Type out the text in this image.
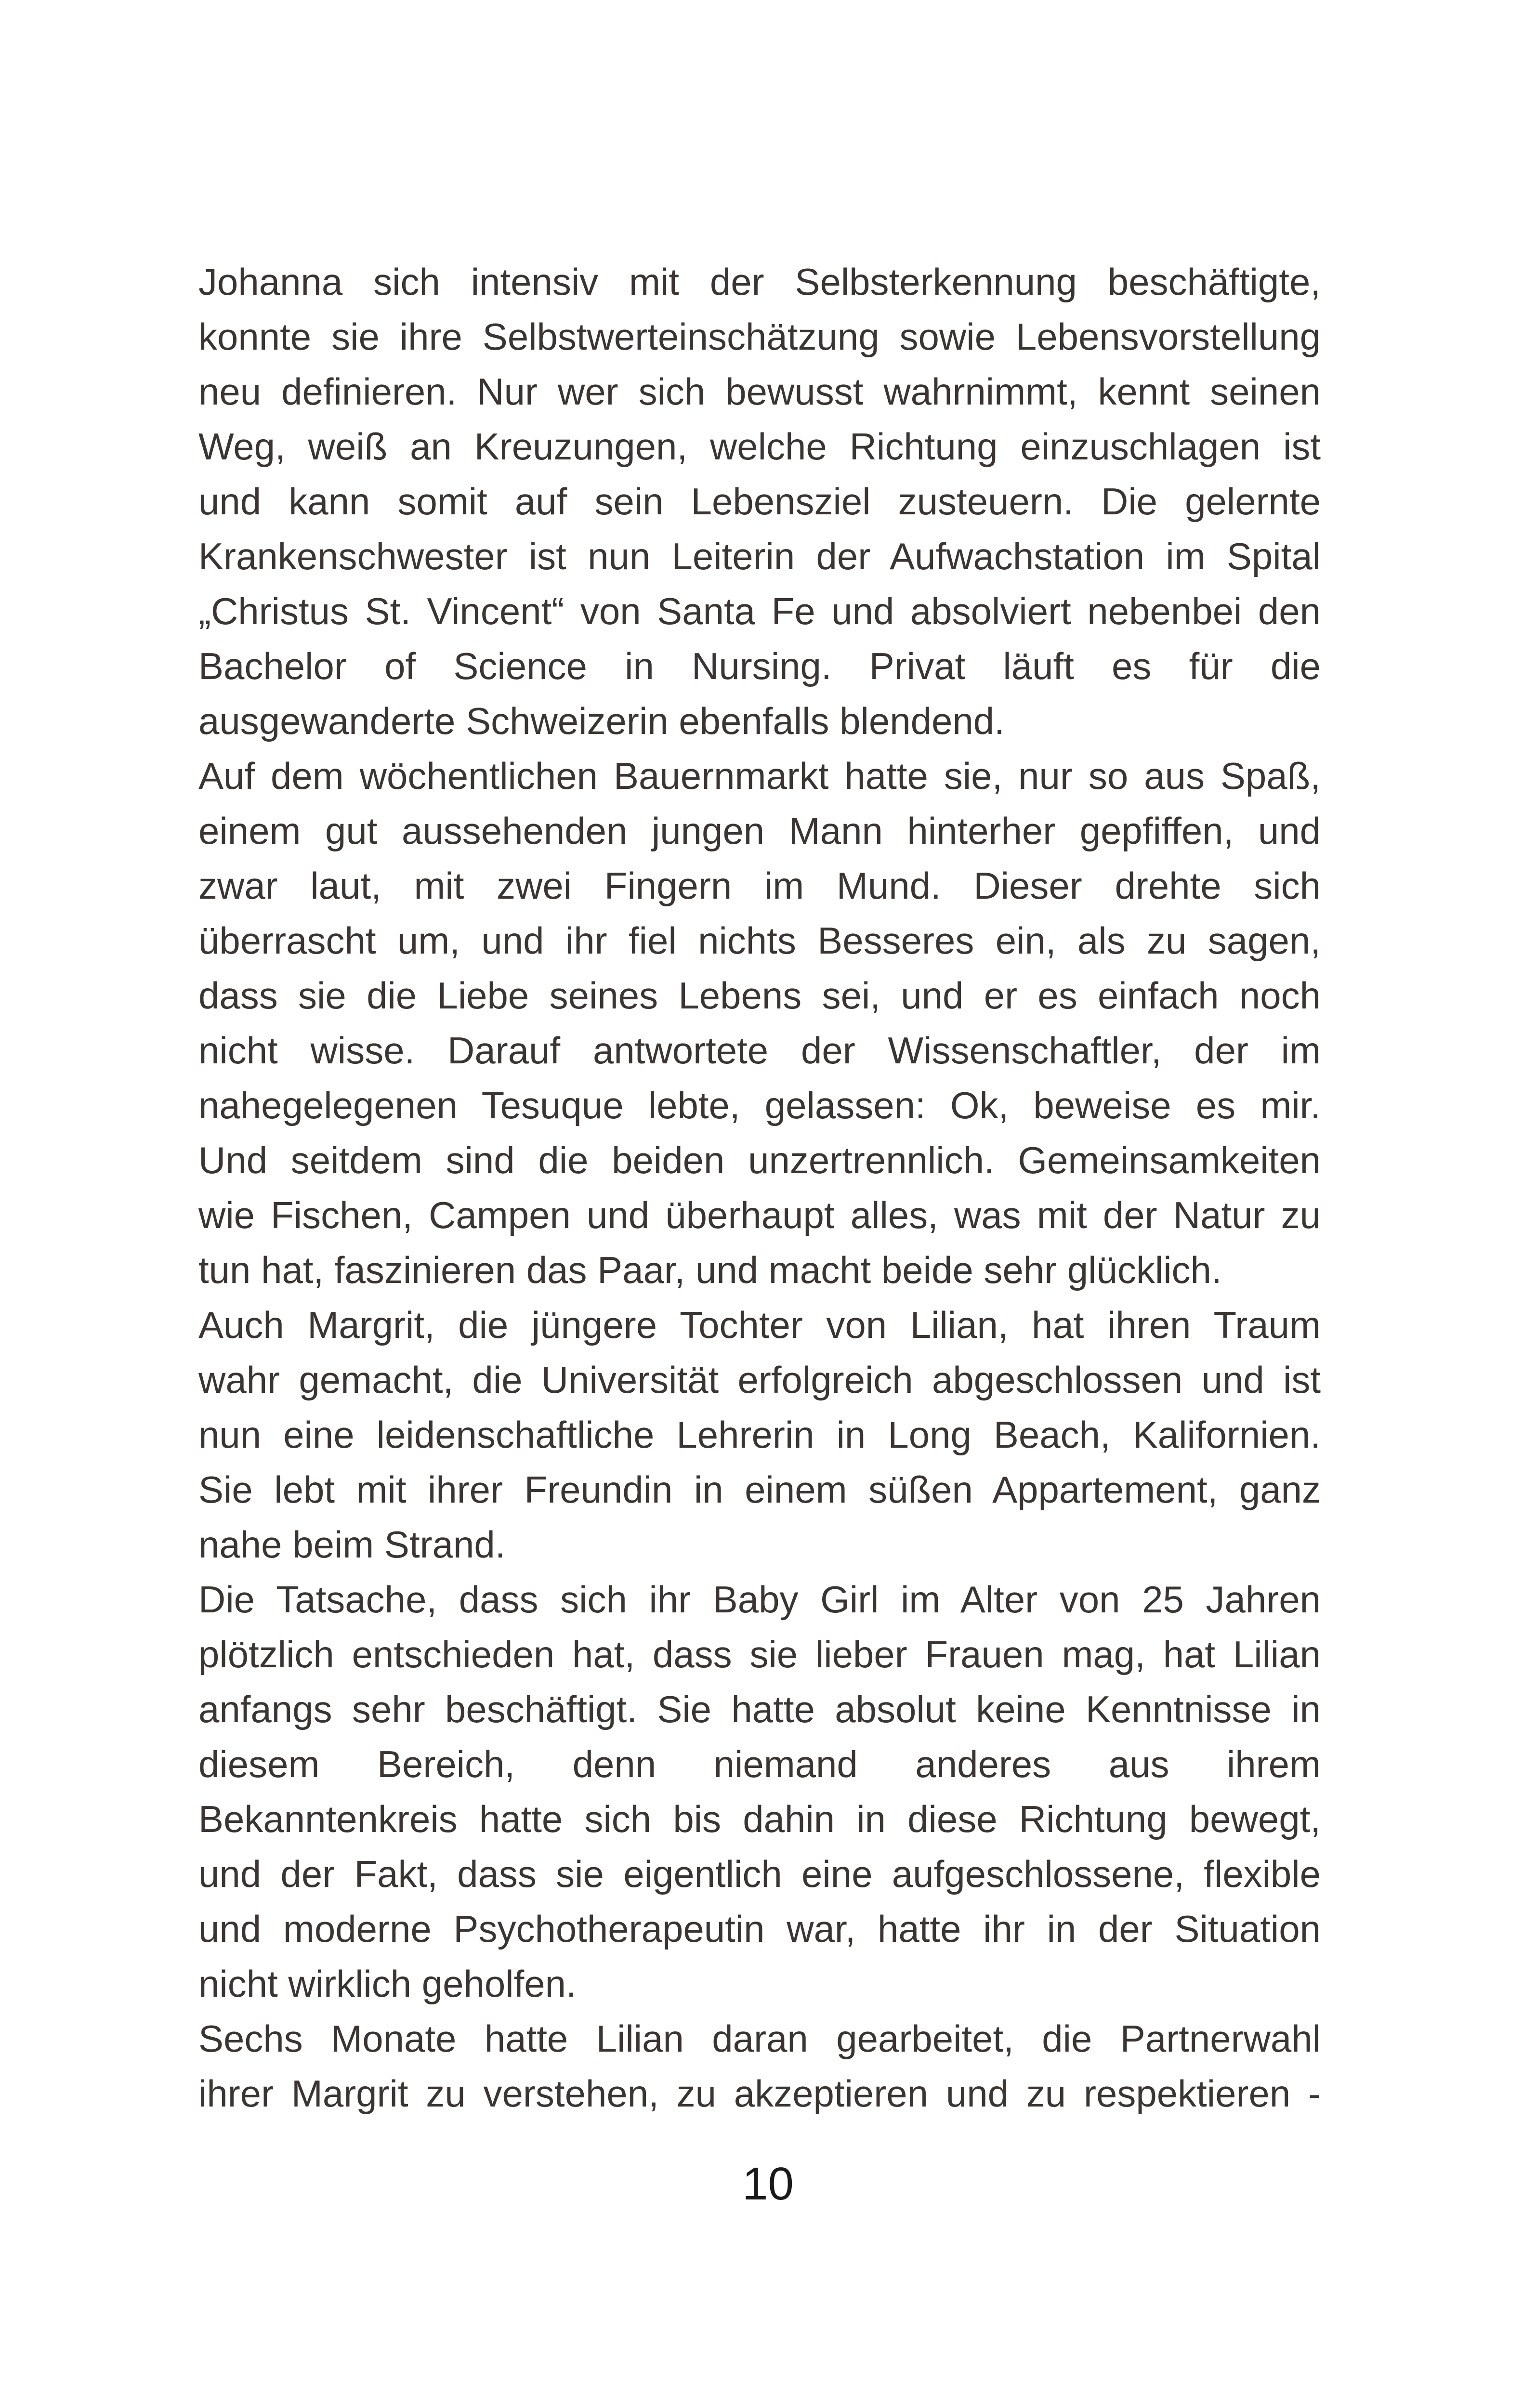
Johanna sich intensiv mit der Selbsterkennung beschäftigte,
konnte sie ihre Selbstwerteinschätzung sowie Lebensvorstellung
neu definieren. Nur wer sich bewusst wahrnimmt, kennt seinen
Weg, weiß an Kreuzungen, welche Richtung einzuschlagen ist
und kann somit auf sein Lebensziel zusteuern. Die gelernte
Krankenschwester ist nun Leiterin der Aufwachstation im Spital
„Christus St. Vincent“ von Santa Fe und absolviert nebenbei den
Bachelor of Science in Nursing. Privat läuft es für die
ausgewanderte Schweizerin ebenfalls blendend.

Auf dem wöchentlichen Bauernmarkt hatte sie, nur so aus Spaß,
einem gut aussehenden jungen Mann hinterher gepfiffen, und
zwar laut, mit zwei Fingern im Mund. Dieser drehte sich
überrascht um, und ihr fiel nichts Besseres ein, als zu sagen,
dass sie die Liebe seines Lebens sei, und er es einfach noch
nicht wisse. Darauf antwortete der Wissenschaftler, der im
nahegelegenen Tesuque lebte, gelassen: Ok, beweise es mir.
Und seitdem sind die beiden unzertrennlich. Gemeinsamkeiten
wie Fischen, Campen und überhaupt alles, was mit der Natur zu
tun hat, faszinieren das Paar, und macht beide sehr glücklich.

Auch Margrit, die jüngere Tochter von Lilian, hat ihren Traum
wahr gemacht, die Universität erfolgreich abgeschlossen und ist
nun eine leidenschaftliche Lehrerin in Long Beach, Kalifornien.
Sie lebt mit ihrer Freundin in einem süßen Appartement, ganz
nahe beim Strand.

Die Tatsache, dass sich ihr Baby Girl im Alter von 25 Jahren
plötzlich entschieden hat, dass sie lieber Frauen mag, hat Lilian
anfangs sehr beschäftigt. Sie hatte absolut keine Kenntnisse in
diesem Bereich, denn niemand anderes aus ihrem
Bekanntenkreis hatte sich bis dahin in diese Richtung bewegt,
und der Fakt, dass sie eigentlich eine aufgeschlossene, flexible
und moderne Psychotherapeutin war, hatte ihr in der Situation
nicht wirklich geholfen.

Sechs Monate hatte Lilian daran gearbeitet, die Partnerwahl
ihrer Margrit zu verstehen, zu akzeptieren und zu respektieren -

10
